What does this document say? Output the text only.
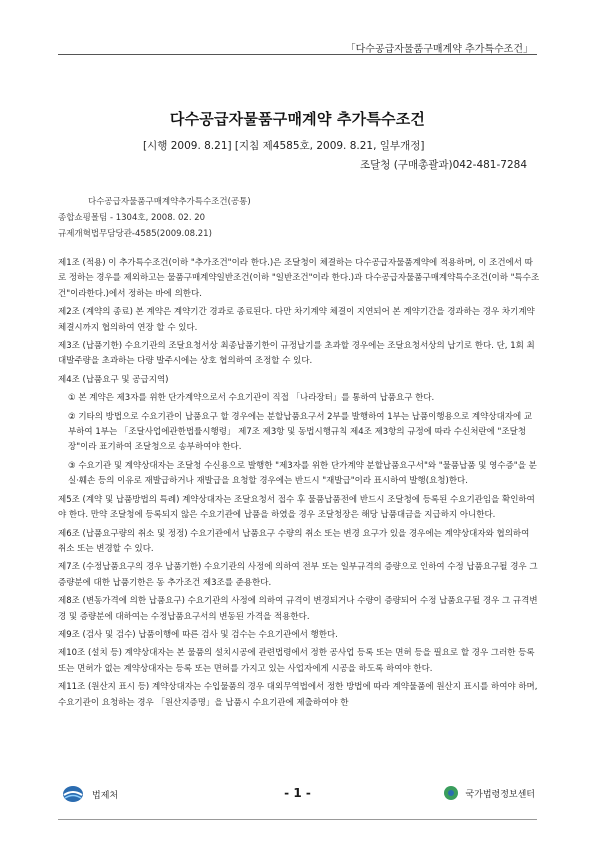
「다수공급자물품구매계약 추가특수조건」
다수공급자물품구매계약 추가특수조건
[시행 2009. 8.21] [지침 제4585호, 2009. 8.21, 일부개정]
조달청 (구매총괄과)042-481-7284
다수공급자물품구매계약추가특수조건(공통)
종합쇼핑몰팀 - 1304호, 2008. 02. 20
규제개혁법무담당관-4585(2009.08.21)

제1조 (적용) 이 추가특수조건(이하 "추가조건"이라 한다.)은 조달청이 체결하는 다수공급자물품계약에 적용하며, 이 조건에서 따로 정하는 경우를 제외하고는 물품구매계약일반조건(이하 "일반조건"이라 한다.)과 다수공급자물품구매계약특수조건(이하 "특수조건"이라한다.)에서 정하는 바에 의한다.

제2조 (계약의 종료) 본 계약은 계약기간 경과로 종료된다. 다만 차기계약 체결이 지연되어 본 계약기간을 경과하는 경우 차기계약 체결시까지 협의하여 연장 할 수 있다.

제3조 (납품기한) 수요기관의 조달요청서상 최종납품기한이 규정납기를 초과할 경우에는 조달요청서상의 납기로 한다. 단, 1회 최대발주량을 초과하는 다량 발주시에는 상호 협의하여 조정할 수 있다.

제4조 (납품요구 및 공급지역)

① 본 계약은 제3자를 위한 단가계약으로서 수요기관이 직접 「나라장터」를 통하여 납품요구 한다.

② 기타의 방법으로 수요기관이 납품요구 할 경우에는 분할납품요구서 2부를 발행하여 1부는 납품이행용으로 계약상대자에 교부하여 1부는 「조달사업에관한법률시행령」 제7조 제3항 및 동법시행규칙 제4조 제3항의 규정에 따라 수신처란에 "조달청장"이라 표기하여 조달청으로 송부하여야 한다.

③ 수요기관 및 계약상대자는 조달청 수신용으로 발행한 "제3자를 위한 단가계약 분할납품요구서"와 "물품납품 및 영수증"을 분실·훼손 등의 이유로 재발급하거나 재발급을 요청할 경우에는 반드시 "재발급"이라 표시하여 발행(요청)한다.

제5조 (계약 및 납품방법의 특례) 계약상대자는 조달요청서 접수 후 물품납품전에 반드시 조달청에 등록된 수요기관임을 확인하여야 한다. 만약 조달청에 등록되지 않은 수요기관에 납품을 하였을 경우 조달청장은 해당 납품대금을 지급하지 아니한다.

제6조 (납품요구량의 취소 및 정정) 수요기관에서 납품요구 수량의 취소 또는 변경 요구가 있을 경우에는 계약상대자와 협의하여 취소 또는 변경할 수 있다.

제7조 (수정납품요구의 경우 납품기한) 수요기관의 사정에 의하여 전부 또는 일부규격의 증량으로 인하여 수정 납품요구될 경우 그 증량분에 대한 납품기한은 동 추가조건 제3조를 준용한다.

제8조 (변동가격에 의한 납품요구) 수요기관의 사정에 의하여 규격이 변경되거나 수량이 증량되어 수정 납품요구될 경우 그 규격변경 및 증량분에 대하여는 수정납품요구서의 변동된 가격을 적용한다.

제9조 (검사 및 검수) 납품이행에 따른 검사 및 검수는 수요기관에서 행한다.

제10조 (설치 등) 계약상대자는 본 물품의 설치시공에 관련법령에서 정한 공사업 등록 또는 면허 등을 필요로 할 경우 그러한 등록 또는 면허가 없는 계약상대자는 등록 또는 면허를 가지고 있는 사업자에게 시공을 하도록 하여야 한다.

제11조 (원산지 표시 등) 계약상대자는 수입물품의 경우 대외무역법에서 정한 방법에 따라 계약물품에 원산지 표시를 하여야 하며, 수요기관이 요청하는 경우 「원산지증명」을 납품시 수요기관에 제출하여야 한

법제처	- 1 -	국가법령정보센터
